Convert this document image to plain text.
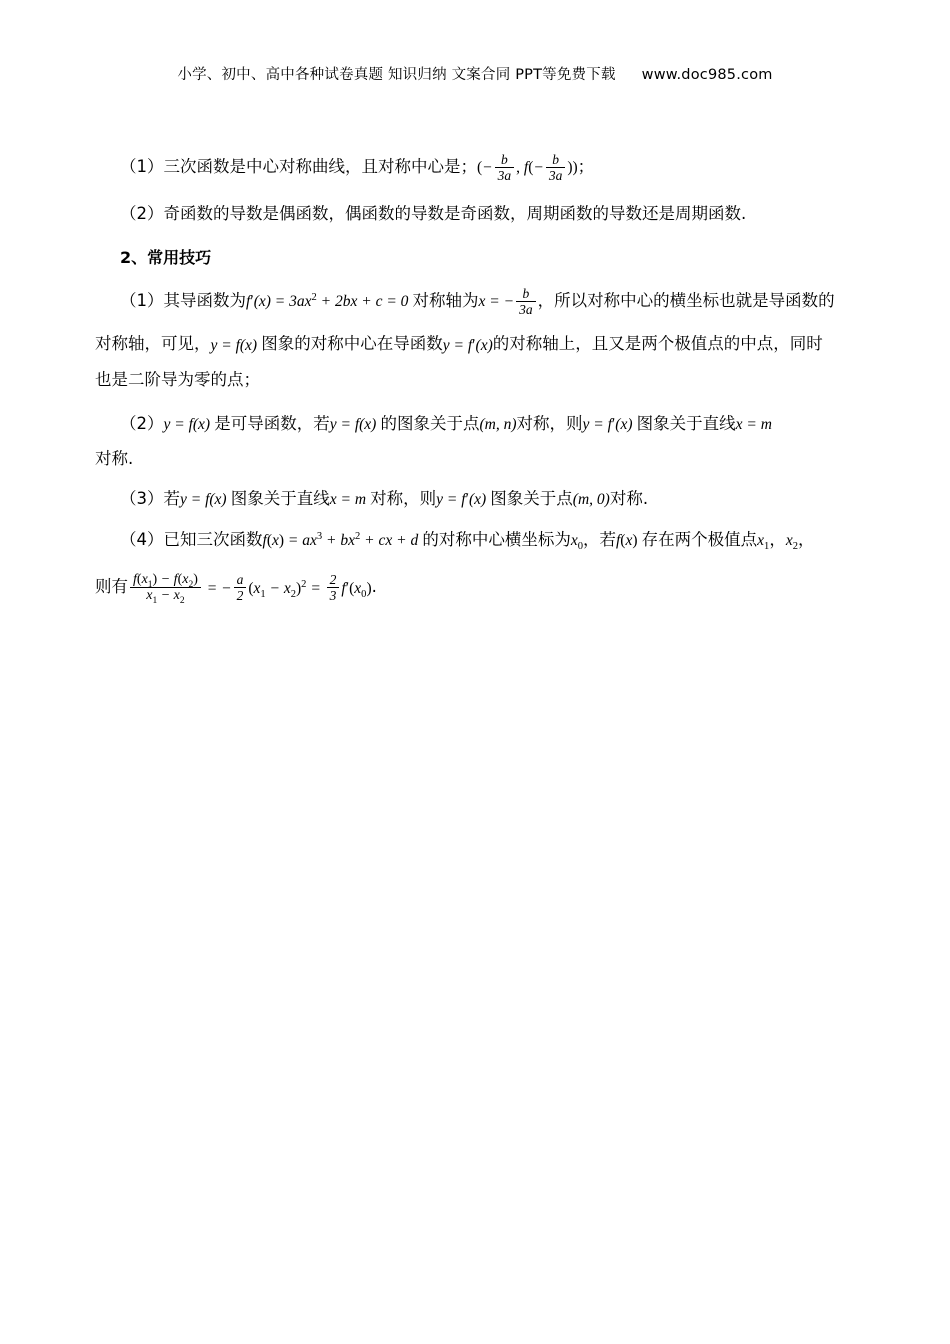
小学、初中、高中各种试卷真题 知识归纳 文案合同 PPT等免费下载 www.doc985.com
（1）三次函数是中心对称曲线，且对称中心是；(− $\frac{b}{3a}$ , $f(- \frac{b}{3a}$ ))；
（2）奇函数的导数是偶函数，偶函数的导数是奇函数，周期函数的导数还是周期函数.
2、常用技巧
（1）其导函数为$f'(x) = 3ax^2 + 2bx + c = 0$ 对称轴为x = − $\frac{b}{3a}$ ，所以对称中心的横坐标也就是导函数的
对称轴，可见，y = f(x) 图象的对称中心在导函数y = f′(x)的对称轴上，且又是两个极值点的中点，同时
也是二阶导为零的点；
（2）y = f(x) 是可导函数，若y = f(x) 的图象关于点(m, n)对称，则y = f′(x) 图象关于直线x = m
对称.
（3）若y = f(x) 图象关于直线x = m 对称，则y = f′(x) 图象关于点(m, 0)对称.
（4）已知三次函数$f(x) = ax^3 + bx^2$ + cx + d 的对称中心横坐标为$x_0$，若f(x) 存在两个极值点$x_1$，$x_2$，
则有 $\frac{f(x_1) - f(x_2)}{x_1 - x_2}$ = − $\frac{a}{2} (x_1 - x_2)^2 = \frac{2}{3} f'(x_0)$.
